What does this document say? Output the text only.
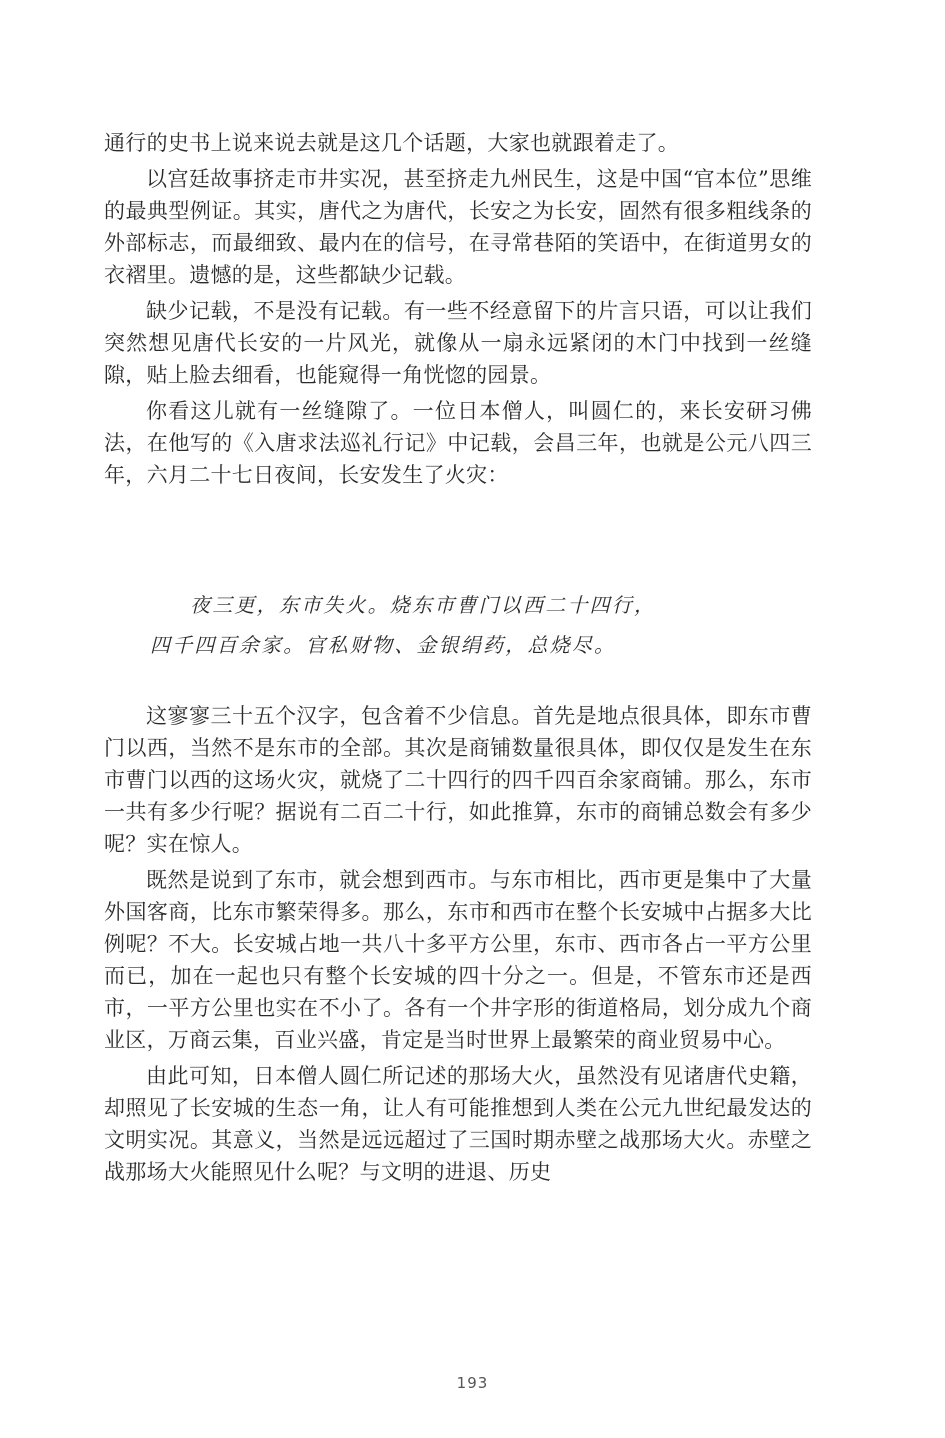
通行的史书上说来说去就是这几个话题，大家也就跟着走了。

以宫廷故事挤走市井实况，甚至挤走九州民生，这是中国“官本位”思维的最典型例证。其实，唐代之为唐代，长安之为长安，固然有很多粗线条的外部标志，而最细致、最内在的信号，在寻常巷陌的笑语中，在街道男女的衣褶里。遗憾的是，这些都缺少记载。

缺少记载，不是没有记载。有一些不经意留下的片言只语，可以让我们突然想见唐代长安的一片风光，就像从一扇永远紧闭的木门中找到一丝缝隙，贴上脸去细看，也能窥得一角恍惚的园景。

你看这儿就有一丝缝隙了。一位日本僧人，叫圆仁的，来长安研习佛法，在他写的《入唐求法巡礼行记》中记载，会昌三年，也就是公元八四三年，六月二十七日夜间，长安发生了火灾：

夜三更，东市失火。烧东市曹门以西二十四行，

四千四百余家。官私财物、金银绢药，总烧尽。

这寥寥三十五个汉字，包含着不少信息。首先是地点很具体，即东市曹门以西，当然不是东市的全部。其次是商铺数量很具体，即仅仅是发生在东市曹门以西的这场火灾，就烧了二十四行的四千四百余家商铺。那么，东市一共有多少行呢？据说有二百二十行，如此推算，东市的商铺总数会有多少呢？实在惊人。

既然是说到了东市，就会想到西市。与东市相比，西市更是集中了大量外国客商，比东市繁荣得多。那么，东市和西市在整个长安城中占据多大比例呢？不大。长安城占地一共八十多平方公里，东市、西市各占一平方公里而已，加在一起也只有整个长安城的四十分之一。但是，不管东市还是西市，一平方公里也实在不小了。各有一个井字形的街道格局，划分成九个商业区，万商云集，百业兴盛，肯定是当时世界上最繁荣的商业贸易中心。

由此可知，日本僧人圆仁所记述的那场大火，虽然没有见诸唐代史籍，却照见了长安城的生态一角，让人有可能推想到人类在公元九世纪最发达的文明实况。其意义，当然是远远超过了三国时期赤壁之战那场大火。赤壁之战那场大火能照见什么呢？与文明的进退、历史

193
